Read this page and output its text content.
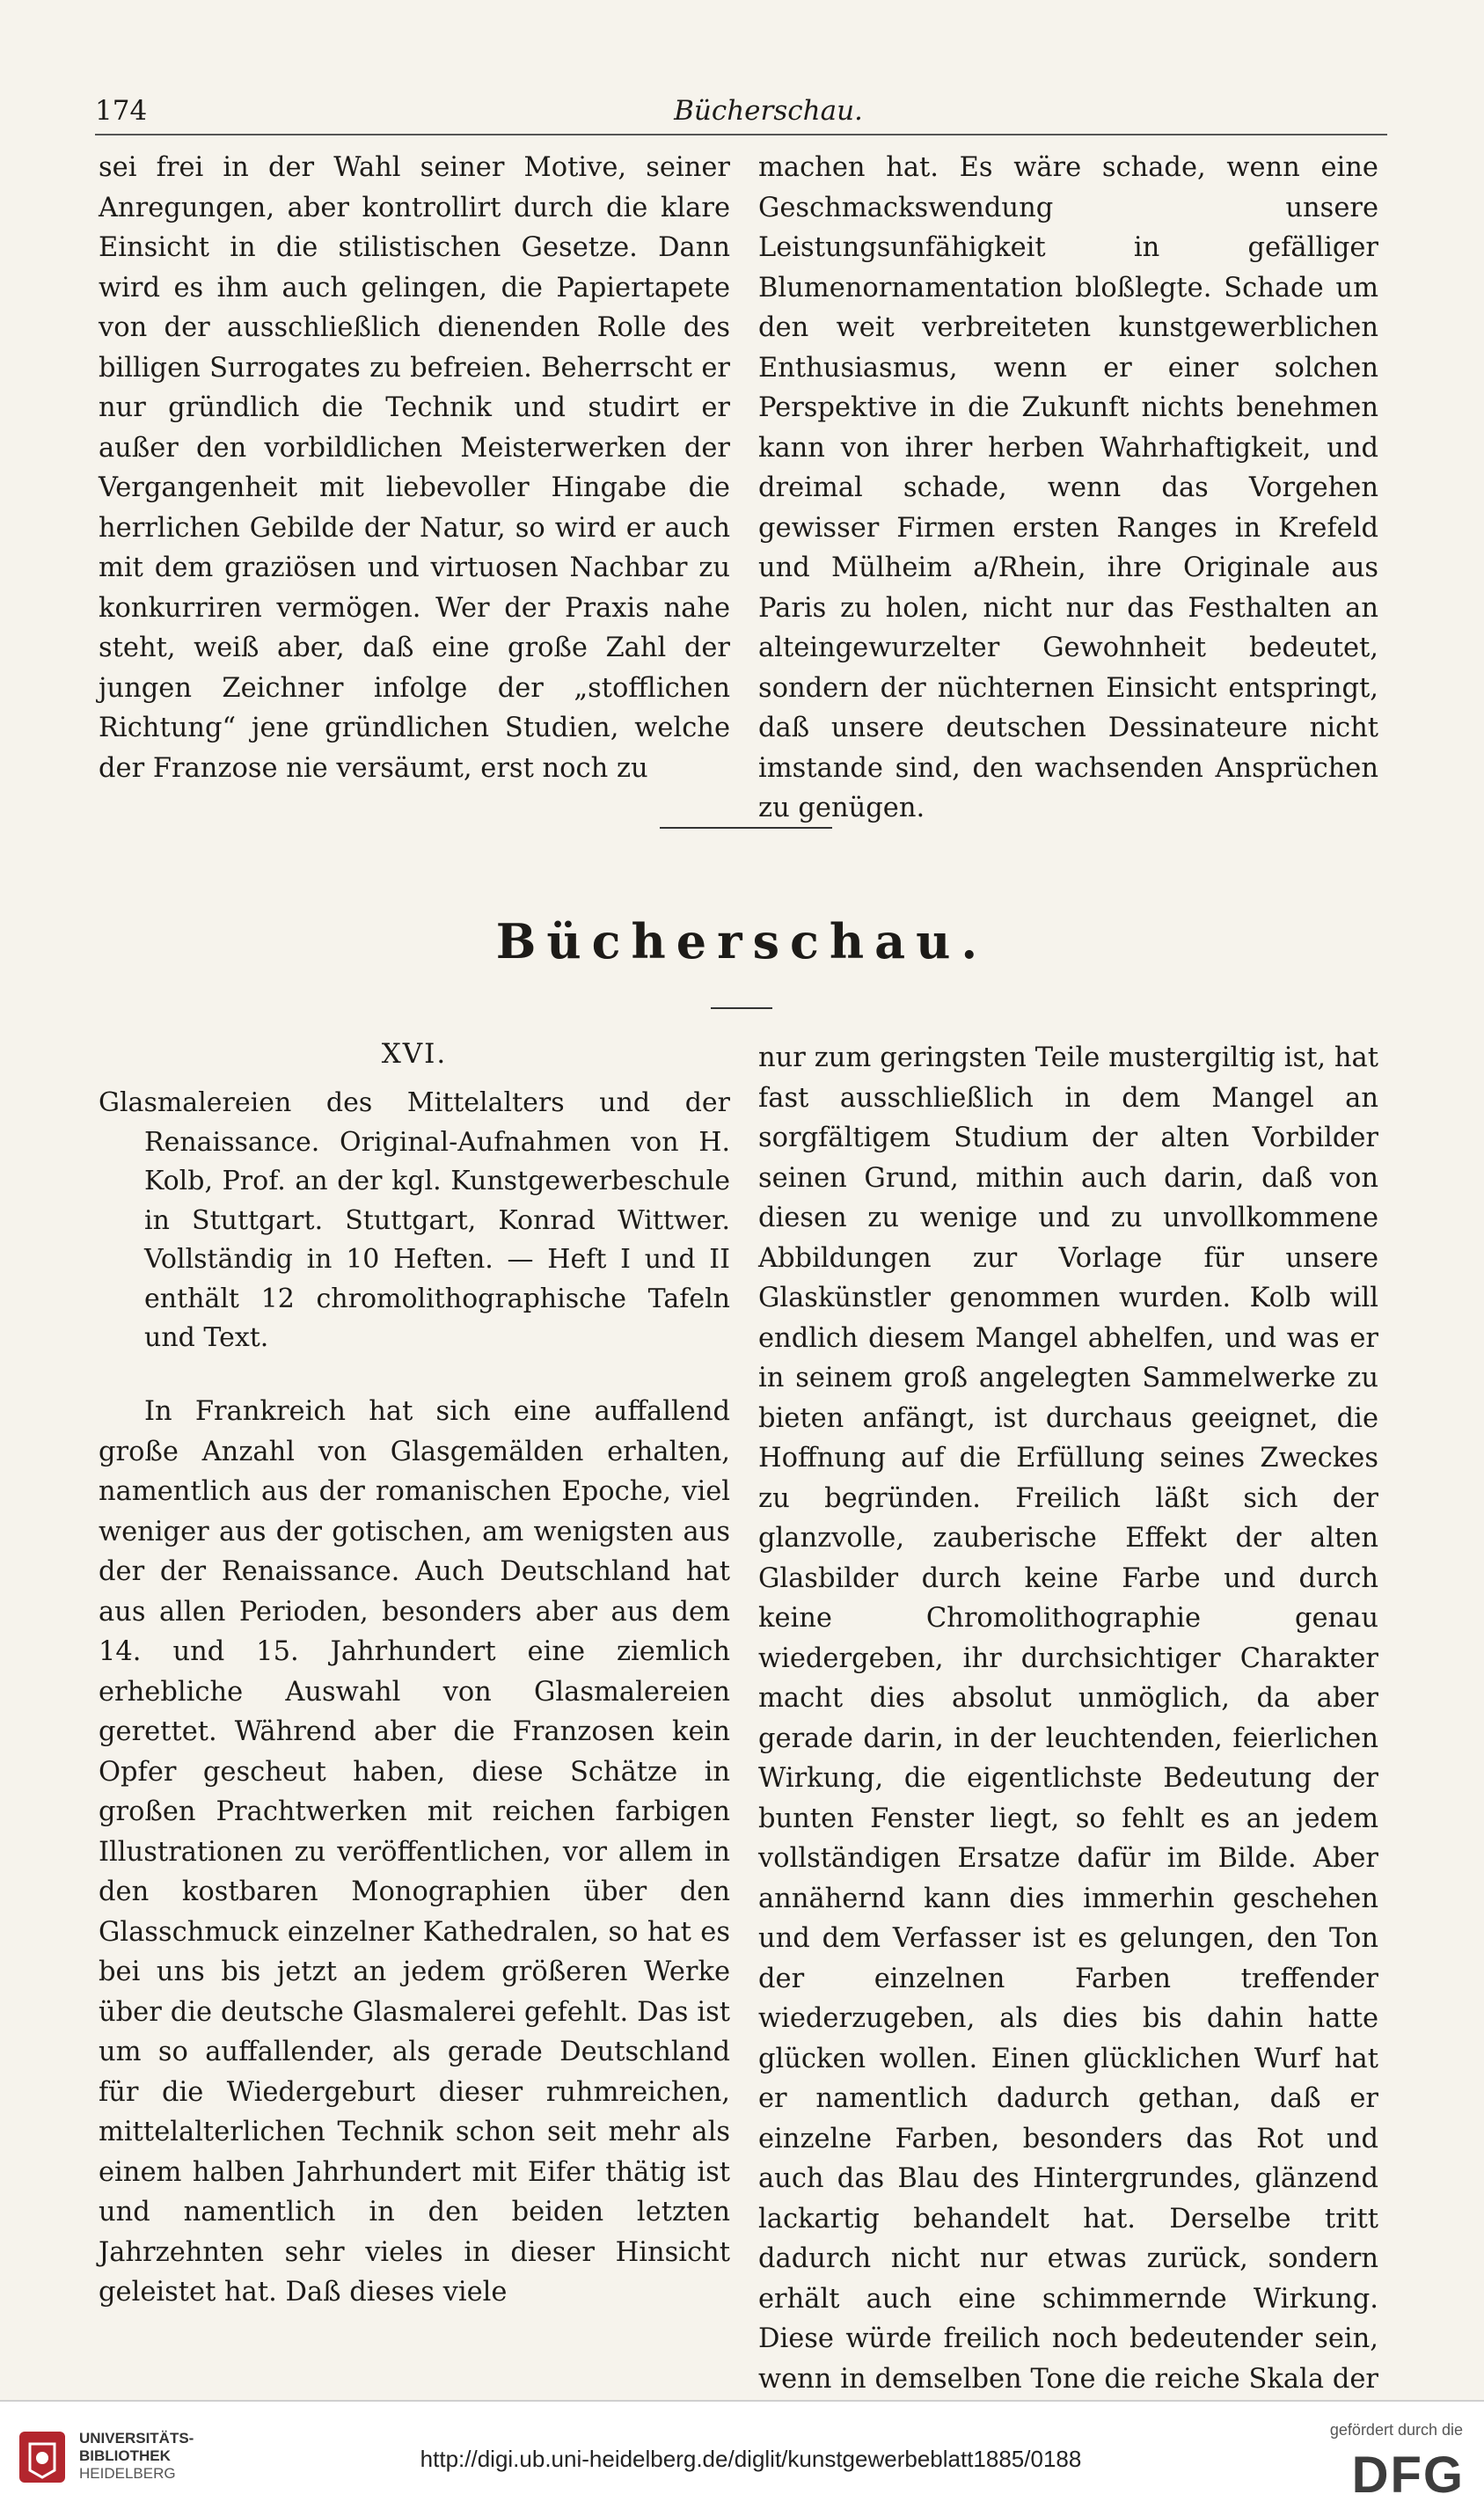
174	Bücherschau.

sei frei in der Wahl seiner Motive, seiner Anregungen, aber kontrollirt durch die klare Einsicht in die stilistischen Gesetze. Dann wird es ihm auch gelingen, die Papiertapete von der ausschließlich dienenden Rolle des billigen Surrogates zu befreien. Beherrscht er nur gründlich die Technik und studirt er außer den vorbildlichen Meisterwerken der Vergangenheit mit liebevoller Hingabe die herrlichen Gebilde der Natur, so wird er auch mit dem graziösen und virtuosen Nachbar zu konkurriren vermögen. Wer der Praxis nahe steht, weiß aber, daß eine große Zahl der jungen Zeichner infolge der „stofflichen Richtung“ jene gründlichen Studien, welche der Franzose nie versäumt, erst noch zu

machen hat. Es wäre schade, wenn eine Geschmackswendung unsere Leistungsunfähigkeit in gefälliger Blumenornamentation bloßlegte. Schade um den weit verbreiteten kunstgewerblichen Enthusiasmus, wenn er einer solchen Perspektive in die Zukunft nichts benehmen kann von ihrer herben Wahrhaftigkeit, und dreimal schade, wenn das Vorgehen gewisser Firmen ersten Ranges in Krefeld und Mülheim a/Rhein, ihre Originale aus Paris zu holen, nicht nur das Festhalten an alteingewurzelter Gewohnheit bedeutet, sondern der nüchternen Einsicht entspringt, daß unsere deutschen Dessinateure nicht imstande sind, den wachsenden Ansprüchen zu genügen.

Bücherschau.
XVI.

Glasmalereien des Mittelalters und der Renaissance. Original-Aufnahmen von H. Kolb, Prof. an der kgl. Kunstgewerbeschule in Stuttgart. Stuttgart, Konrad Wittwer. Vollständig in 10 Heften. — Heft I und II enthält 12 chromolithographische Tafeln und Text.

In Frankreich hat sich eine auffallend große Anzahl von Glasgemälden erhalten, namentlich aus der romanischen Epoche, viel weniger aus der gotischen, am wenigsten aus der der Renaissance. Auch Deutschland hat aus allen Perioden, besonders aber aus dem 14. und 15. Jahrhundert eine ziemlich erhebliche Auswahl von Glasmalereien gerettet. Während aber die Franzosen kein Opfer gescheut haben, diese Schätze in großen Prachtwerken mit reichen farbigen Illustrationen zu veröffentlichen, vor allem in den kostbaren Monographien über den Glasschmuck einzelner Kathedralen, so hat es bei uns bis jetzt an jedem größeren Werke über die deutsche Glasmalerei gefehlt. Das ist um so auffallender, als gerade Deutschland für die Wiedergeburt dieser ruhmreichen, mittelalterlichen Technik schon seit mehr als einem halben Jahrhundert mit Eifer thätig ist und namentlich in den beiden letzten Jahrzehnten sehr vieles in dieser Hinsicht geleistet hat. Daß dieses viele

nur zum geringsten Teile mustergiltig ist, hat fast ausschließlich in dem Mangel an sorgfältigem Studium der alten Vorbilder seinen Grund, mithin auch darin, daß von diesen zu wenige und zu unvollkommene Abbildungen zur Vorlage für unsere Glaskünstler genommen wurden. Kolb will endlich diesem Mangel abhelfen, und was er in seinem groß angelegten Sammelwerke zu bieten anfängt, ist durchaus geeignet, die Hoffnung auf die Erfüllung seines Zweckes zu begründen. Freilich läßt sich der glanzvolle, zauberische Effekt der alten Glasbilder durch keine Farbe und durch keine Chromolithographie genau wiedergeben, ihr durchsichtiger Charakter macht dies absolut unmöglich, da aber gerade darin, in der leuchtenden, feierlichen Wirkung, die eigentlichste Bedeutung der bunten Fenster liegt, so fehlt es an jedem vollständigen Ersatze dafür im Bilde. Aber annähernd kann dies immerhin geschehen und dem Verfasser ist es gelungen, den Ton der einzelnen Farben treffender wiederzugeben, als dies bis dahin hatte glücken wollen. Einen glücklichen Wurf hat er namentlich dadurch gethan, daß er einzelne Farben, besonders das Rot und auch das Blau des Hintergrundes, glänzend lackartig behandelt hat. Derselbe tritt dadurch nicht nur etwas zurück, sondern erhält auch eine schimmernde Wirkung. Diese würde freilich noch bedeutender sein, wenn in demselben Tone die reiche Skala der

UNIVERSITÄTS-
BIBLIOTHEK
HEIDELBERG
http://digi.ub.uni-heidelberg.de/diglit/kunstgewerbeblatt1885/0188
gefördert durch die
DFG
